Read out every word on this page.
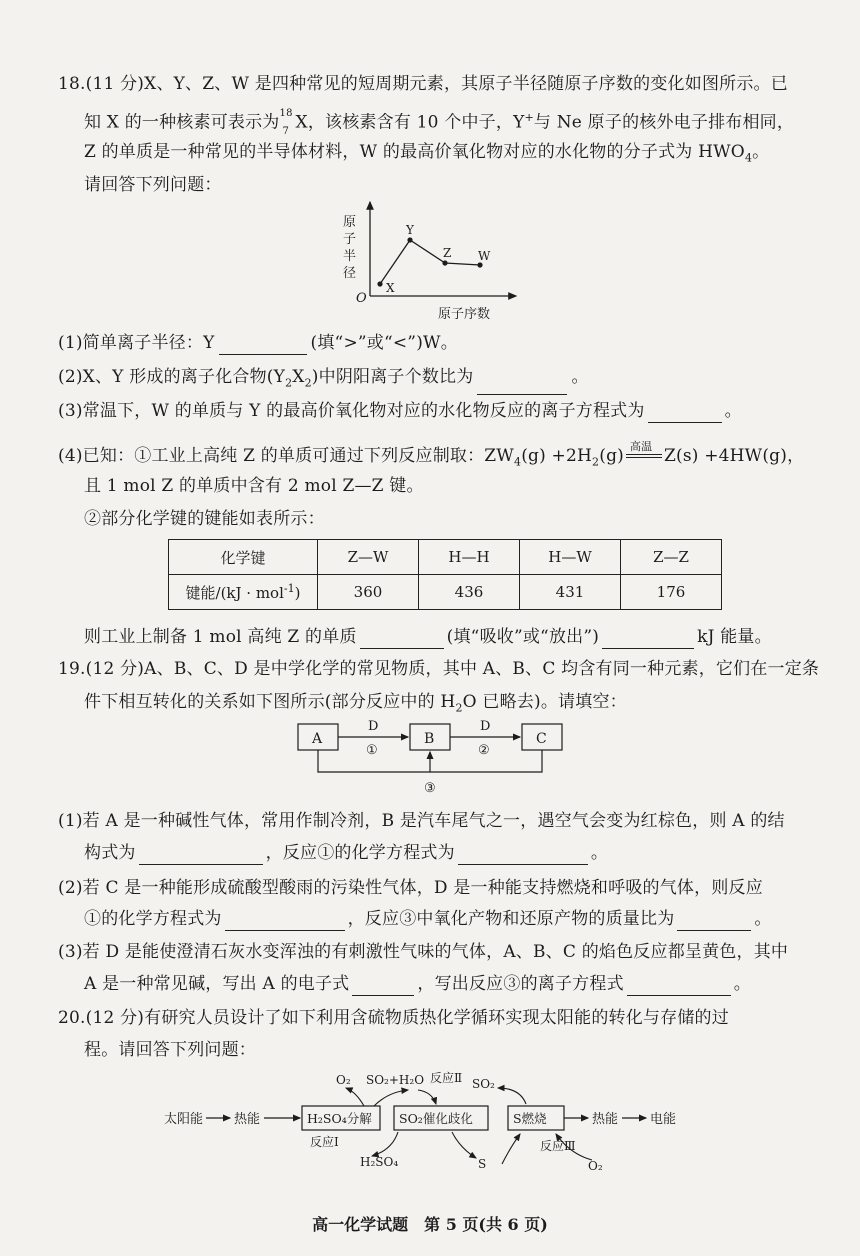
18.(11 分)X、Y、Z、W 是四种常见的短周期元素，其原子半径随原子序数的变化如图所示。已
知 X 的一种核素可表示为 18
7 X，该核素含有 10 个中子，Y+与 Ne 原子的核外电子排布相同，
Z 的单质是一种常见的半导体材料，W 的最高价氧化物对应的水化物的分子式为 $HWO_4$。
请回答下列问题：
原
子
半
径
O
原子序数
X
Y
Z W
(1)简单离子半径：Y	(填“>”或“<”)W。
(2)X、Y 形成的离子化合物$(Y_2X_2)$中阴阳离子个数比为	。
(3)常温下，W 的单质与 Y 的最高价氧化物对应的水化物反应的离子方程式为	。
(4)已知：①工业上高纯 Z 的单质可通过下列反应制取：$ZW_4(g) +2H_2(g)$ 高温 Z(s) +4HW(g)，
且 1 mol Z 的单质中含有 2 mol Z—Z 键。
②部分化学键的键能如表所示：
化学键	Z—W	H—H	H—W	Z—Z
键能/(kJ · mol$^{-1}$)	360	436	431	176
则工业上制备 1 mol 高纯 Z 的单质	(填“吸收”或“放出”)	kJ 能量。
19.(12 分)A、B、C、D 是中学化学的常见物质，其中 A、B、C 均含有同一种元素，它们在一定条
件下相互转化的关系如下图所示(部分反应中的 $H_2O$ 已略去)。请填空：
A	B	C
D	D
①	②
③
(1)若 A 是一种碱性气体，常用作制冷剂，B 是汽车尾气之一，遇空气会变为红棕色，则 A 的结
构式为	，反应①的化学方程式为	。
(2)若 C 是一种能形成硫酸型酸雨的污染性气体，D 是一种能支持燃烧和呼吸的气体，则反应
①的化学方程式为	，反应③中氧化产物和还原产物的质量比为	。
(3)若 D 是能使澄清石灰水变浑浊的有刺激性气味的气体，A、B、C 的焰色反应都呈黄色，其中
A 是一种常见碱，写出 A 的电子式	，写出反应③的离子方程式	。
20.(12 分)有研究人员设计了如下利用含硫物质热化学循环实现太阳能的转化与存储的过
程。请回答下列问题：
太阳能 热能	H₂SO₄分解 SO₂催化歧化	S燃烧	热能 电能
O₂ SO₂+H₂O 反应Ⅱ SO₂
反应Ⅰ
H₂SO₄	S
反应Ⅲ
O₂
高一化学试题　第 5 页(共 6 页)
